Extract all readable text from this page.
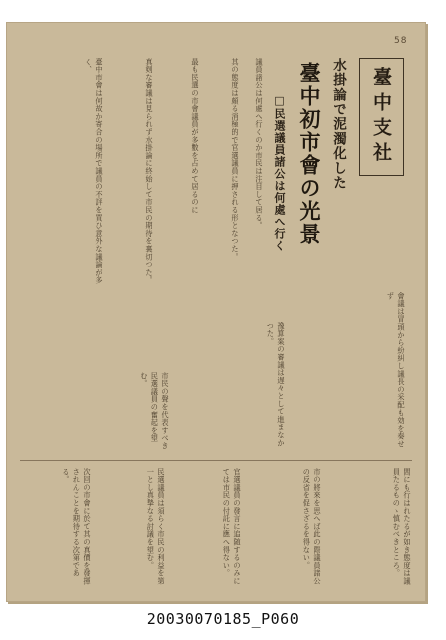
58
臺中支社
水掛論で泥濁化した
臺中初市會の光景
□民選議員諸公は何處へ行く
議員諸公は何處へ行くのか市民は注目して居る。
其の態度は頗る消極的で官選議員に押される形となつた。
最も民選の市會議員が多數を占めて居るのに
真剣な審議は見られず水掛論に終始して市民の期待を裏切つた。
臺中市會は何故か寄合の場所で議員の不評を買ひ意外な議論が多く、
會議は冒頭から紛糾し議長の采配も効を奏せず
豫算案の審議は遅々として進まなかつた。
市民の聲を代表すべき民選議員の奮起を望む。
間にも行はれたるが如き態度は議員たるものゝ慎むべきところ。
市の將來を思へば此の際議員諸公の反省を促さざるを得ない。
官選議員の發言に追随するのみにては市民の付託に應へ得ない。
民選議員は須らく市民の利益を第一とし真摯なる討議を望む。
次回の市會に於て其の真價を發揮されんことを期待する次第である。
20030070185_P060
